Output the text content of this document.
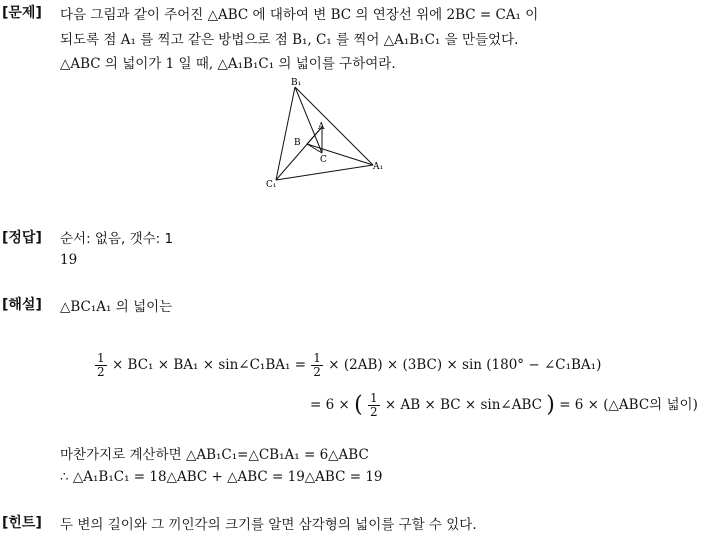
[문제] 다음 그림과 같이 주어진 △ABC 에 대하여 변 BC 의 연장선 위에 2BC = CA₁ 이
되도록 점 A₁ 를 찍고 같은 방법으로 점 B₁, C₁ 를 찍어 △A₁B₁C₁ 을 만들었다.
△ABC 의 넓이가 1 일 때, △A₁B₁C₁ 의 넓이를 구하여라.
B₁
A
B
C
A₁
C₁
[정답] 순서: 없음, 갯수: 1
19
[해설] △BC₁A₁ 의 넓이는
$\frac{1}{2} \times BC_1 \times BA_1$ × sin∠C₁BA₁ = $\frac{1}{2} \times (2AB) \times (3BC) \times \sin (180^\circ$ − ∠C₁BA₁)
= 6 × ( $\frac{1}{2}$ × AB × BC × sin∠ABC ) = 6 × (△ABC의 넓이)
마찬가지로 계산하면 △AB₁C₁=△CB₁A₁ = 6△ABC
∴ △A₁B₁C₁ = 18△ABC + △ABC = 19△ABC = 19
[힌트] 두 변의 길이와 그 끼인각의 크기를 알면 삼각형의 넓이를 구할 수 있다.
